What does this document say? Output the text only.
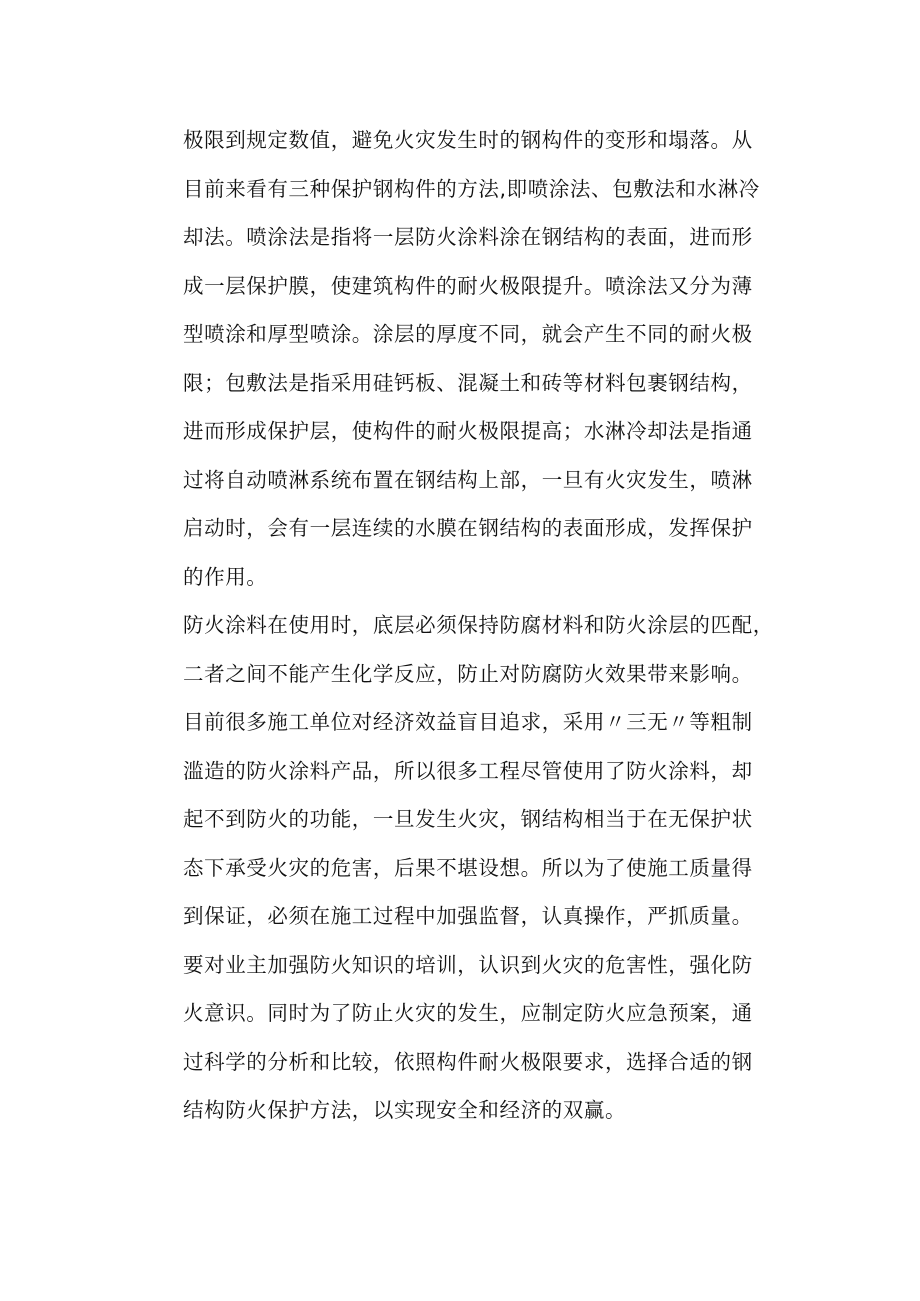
极限到规定数值，避免火灾发生时的钢构件的变形和塌落。从
目前来看有三种保护钢构件的方法,即喷涂法、包敷法和水淋冷
却法。喷涂法是指将一层防火涂料涂在钢结构的表面，进而形
成一层保护膜，使建筑构件的耐火极限提升。喷涂法又分为薄
型喷涂和厚型喷涂。涂层的厚度不同，就会产生不同的耐火极
限；包敷法是指采用硅钙板、混凝土和砖等材料包裹钢结构，
进而形成保护层，使构件的耐火极限提高；水淋冷却法是指通
过将自动喷淋系统布置在钢结构上部，一旦有火灾发生，喷淋
启动时，会有一层连续的水膜在钢结构的表面形成，发挥保护
的作用。
防火涂料在使用时，底层必须保持防腐材料和防火涂层的匹配，
二者之间不能产生化学反应，防止对防腐防火效果带来影响。
目前很多施工单位对经济效益盲目追求，采用〃三无〃等粗制
滥造的防火涂料产品，所以很多工程尽管使用了防火涂料，却
起不到防火的功能，一旦发生火灾，钢结构相当于在无保护状
态下承受火灾的危害，后果不堪设想。所以为了使施工质量得
到保证，必须在施工过程中加强监督，认真操作，严抓质量。
要对业主加强防火知识的培训，认识到火灾的危害性，强化防
火意识。同时为了防止火灾的发生，应制定防火应急预案，通
过科学的分析和比较，依照构件耐火极限要求，选择合适的钢
结构防火保护方法，以实现安全和经济的双赢。
